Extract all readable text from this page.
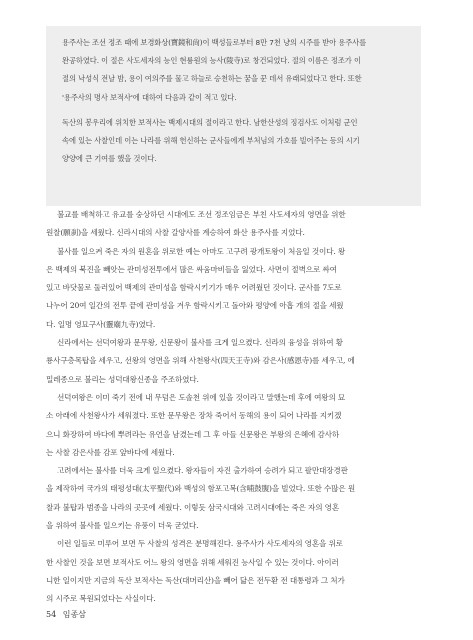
용주사는 조선 정조 때에 보경화상(寶鏡和尙)이 백성들로부터 8만 7천 냥의 시주를 받아 용주사를

완공하였다. 이 절은 사도세자의 능인 현륭원의 능사(陵寺)로 창건되었다. 절의 이름은 정조가 이

절의 낙성식 전날 밤, 용이 여의주를 물고 하늘로 승천하는 꿈을 꾼 데서 유래되었다고 한다. 또한

'용주사의 명사 보적사'에 대하여 다음과 같이 적고 있다.

독산의 봉우리에 위치한 보적사는 백제시대의 절이라고 한다. 남한산성의 징검사도 이처럼 군인

속에 있는 사찰인데 이는 나라를 위해 헌신하는 군사들에게 부처님의 가호를 빌어주는 등의 시기

양양에 큰 기여를 했을 것이다.

불교를 배척하고 유교를 숭상하던 시대에도 조선 정조임금은 부친 사도세자의 영면을 위한

원찰(願刹)을 세웠다. 신라시대의 사찰 갈양사를 계승하여 화산 용주사를 지었다.

불사를 일으켜 죽은 자의 원혼을 위로한 예는 아마도 고구려 광개토왕이 처음일 것이다. 왕

은 백제의 북진을 빼앗는 관미성전투에서 많은 싸움마비들을 잃었다. 사면이 절벽으로 싸여

있고 바닷물로 둘러있어 백제의 관미성을 함락시키기가 매우 어려웠던 것이다. 군사를 7도로

나누어 20여 일간의 전투 끝에 관미성을 겨우 함락시키고 돌아와 평양에 아홉 개의 절을 세웠

다. 일명 영묘구사(靈廟九寺)였다.

신라에서는 선덕여왕과 문무왕, 신문왕이 불사를 크게 일으켰다. 신라의 융성을 위하여 황

룡사구층목탑을 세우고, 선왕의 영면을 위해 사천왕사(四天王寺)와 감은사(感恩寺)를 세우고, 에

밀레종으로 불리는 성덕대왕신종을 주조하였다.

선덕여왕은 이미 죽기 전에 내 무덤은 도솔천 위에 있을 것이라고 말했는데 후에 여왕의 묘

소 아래에 사천왕사가 세워졌다. 또한 문무왕은 장차 죽어서 동해의 용이 되어 나라를 지키겠

으니 화장하여 바다에 뿌려라는 유언을 남겼는데 그 후 아들 신문왕은 부왕의 은혜에 감사하

는 사찰 감은사를 감포 앞바다에 세웠다.

고려에서는 불사를 더욱 크게 일으켰다. 왕자들이 자진 출가하여 승려가 되고 팔만대장경판

을 제작하여 국가의 태평성대(太平聖代)와 백성의 함포고복(含哺鼓腹)을 빌었다. 또한 수많은 원

찰과 불탑과 범종을 나라의 곳곳에 세웠다. 이렇듯 삼국시대와 고려시대에는 죽은 자의 영혼

을 위하여 불사를 일으키는 유풍이 더욱 굳었다.

이런 일들로 미루어 보면 두 사찰의 성격은 분명해진다. 용주사가 사도세자의 영혼을 위로

한 사찰인 것을 보면 보적사도 어느 왕의 영면을 위해 세워진 능사일 수 있는 것이다. 아이러

니한 일이지만 지금의 독산 보적사는 독산(대머리산)을 빼어 닮은 전두환 전 대통령과 그 처가

의 시주로 복원되었다는 사실이다.

54 임종삼
